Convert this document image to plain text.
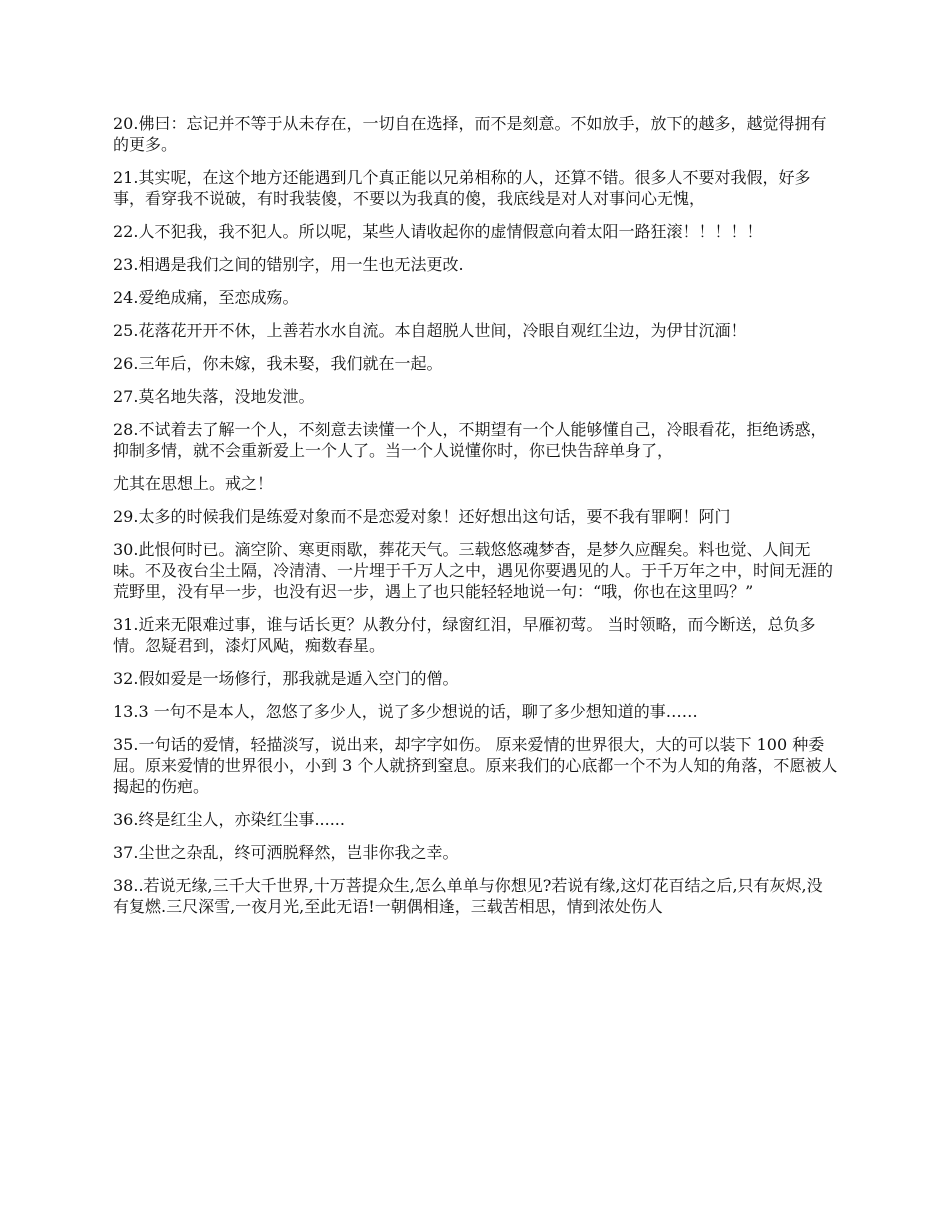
20.佛曰：忘记并不等于从未存在，一切自在选择，而不是刻意。不如放手，放下的越多，越觉得拥有的更多。

21.其实呢，在这个地方还能遇到几个真正能以兄弟相称的人，还算不错。很多人不要对我假，好多事，看穿我不说破，有时我装傻，不要以为我真的傻，我底线是对人对事问心无愧，

22.人不犯我，我不犯人。所以呢，某些人请收起你的虚情假意向着太阳一路狂滚！！！！！

23.相遇是我们之间的错别字，用一生也无法更改.

24.爱绝成痛，至恋成殇。

25.花落花开开不休，上善若水水自流。本自超脱人世间，冷眼自观红尘边，为伊甘沉湎！

26.三年后，你未嫁，我未娶，我们就在一起。

27.莫名地失落，没地发泄。

28.不试着去了解一个人，不刻意去读懂一个人，不期望有一个人能够懂自己，冷眼看花，拒绝诱惑，抑制多情，就不会重新爱上一个人了。当一个人说懂你时，你已快告辞单身了，

尤其在思想上。戒之！

29.太多的时候我们是练爱对象而不是恋爱对象！还好想出这句话，要不我有罪啊！阿门

30.此恨何时已。滴空阶、寒更雨歇，葬花天气。三载悠悠魂梦杳，是梦久应醒矣。料也觉、人间无味。不及夜台尘土隔，冷清清、一片埋于千万人之中，遇见你要遇见的人。于千万年之中，时间无涯的荒野里，没有早一步，也没有迟一步，遇上了也只能轻轻地说一句：“哦，你也在这里吗？”

31.近来无限难过事，谁与话长更？从教分付，绿窗红泪，早雁初莺。 当时领略，而今断送，总负多情。忽疑君到，漆灯风飐，痴数春星。

32.假如爱是一场修行，那我就是遁入空门的僧。

13.3 一句不是本人，忽悠了多少人，说了多少想说的话，聊了多少想知道的事……

35.一句话的爱情，轻描淡写，说出来，却字字如伤。 原来爱情的世界很大，大的可以装下 100 种委屈。原来爱情的世界很小，小到 3 个人就挤到窒息。原来我们的心底都一个不为人知的角落，不愿被人揭起的伤疤。

36.终是红尘人，亦染红尘事......

37.尘世之杂乱，终可洒脱释然，岂非你我之幸。

38..若说无缘,三千大千世界,十万菩提众生,怎么单单与你想见?若说有缘,这灯花百结之后,只有灰烬,没有复燃.三尺深雪,一夜月光,至此无语!一朝偶相逢，三载苦相思，情到浓处伤人
